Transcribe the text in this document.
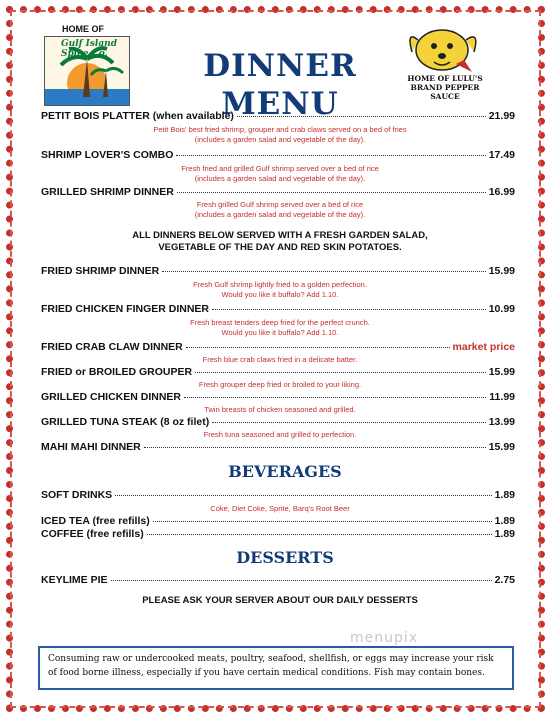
HOME OF
Gulf Island Spice Co.
HOME OF LULU'S BRAND PEPPER SAUCE
DINNER
MENU
PETIT BOIS PLATTER (when available)	21.99
Petit Bois' best fried shrimp, grouper and crab claws served on a bed of fries
(includes a garden salad and vegetable of the day).
SHRIMP LOVER'S COMBO	17.49
Fresh fried and grilled Gulf shrimp served over a bed of rice
(includes a garden salad and vegetable of the day).
GRILLED SHRIMP DINNER	16.99
Fresh grilled Gulf shrimp served over a bed of rice
(includes a garden salad and vegetable of the day).
ALL DINNERS BELOW SERVED WITH A FRESH GARDEN SALAD,
VEGETABLE OF THE DAY AND RED SKIN POTATOES.
FRIED SHRIMP DINNER	15.99
Fresh Gulf shrimp lightly fried to a golden perfection.
Would you like it buffalo? Add 1.10.
FRIED CHICKEN FINGER DINNER	10.99
Fresh breast tenders deep fried for the perfect crunch.
Would you like it buffalo? Add 1.10.
FRIED CRAB CLAW DINNER	market price
Fresh blue crab claws fried in a delicate batter.
FRIED or BROILED GROUPER	15.99
Fresh grouper deep fried or broiled to your liking.
GRILLED CHICKEN DINNER	11.99
Twin breasts of chicken seasoned and grilled.
GRILLED TUNA STEAK (8 oz filet)	13.99
Fresh tuna seasoned and grilled to perfection.
MAHI MAHI DINNER	15.99
BEVERAGES
SOFT DRINKS	1.89
Coke, Diet Coke, Sprite, Barq's Root Beer
ICED TEA (free refills)	1.89
COFFEE (free refills)	1.89
DESSERTS
KEYLIME PIE	2.75
PLEASE ASK YOUR SERVER ABOUT OUR DAILY DESSERTS
menupix
Consuming raw or undercooked meats, poultry, seafood, shellfish, or eggs may increase your risk of food borne illness, especially if you have certain medical conditions. Fish may contain bones.
